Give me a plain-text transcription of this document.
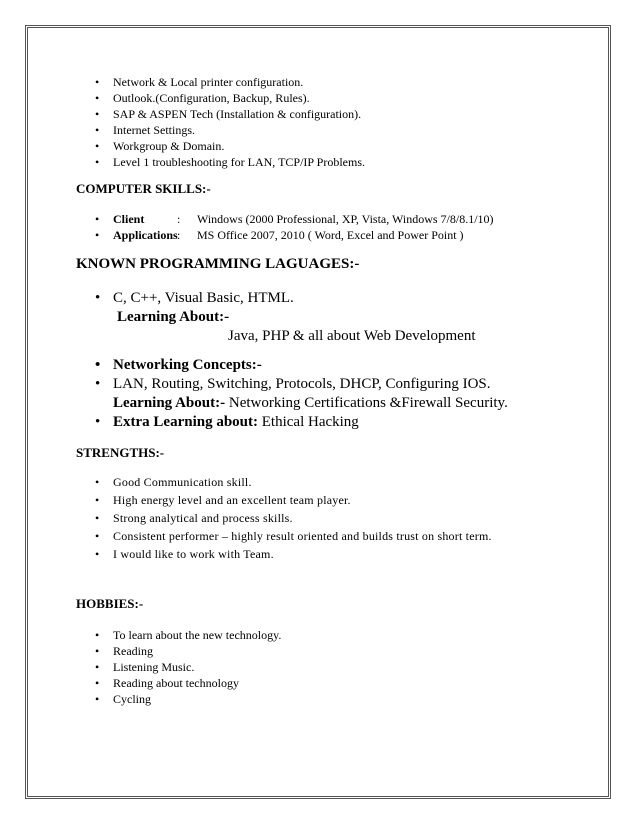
• Network & Local printer configuration.
• Outlook.(Configuration, Backup, Rules).
• SAP & ASPEN Tech (Installation & configuration).
• Internet Settings.
• Workgroup & Domain.
• Level 1 troubleshooting for LAN, TCP/IP Problems.
COMPUTER SKILLS:-
• Client	: Windows (2000 Professional, XP, Vista, Windows 7/8/8.1/10)
• Applications: MS Office 2007, 2010 ( Word, Excel and Power Point )
KNOWN PROGRAMMING LAGUAGES:-
• C, C++, Visual Basic, HTML.
Learning About:-
Java, PHP & all about Web Development
• Networking Concepts:-
• LAN, Routing, Switching, Protocols, DHCP, Configuring IOS.
Learning About:- Networking Certifications &Firewall Security.
• Extra Learning about: Ethical Hacking
STRENGTHS:-
• Good Communication skill.
• High energy level and an excellent team player.
• Strong analytical and process skills.
• Consistent performer – highly result oriented and builds trust on short term.
• I would like to work with Team.
HOBBIES:-
• To learn about the new technology.
• Reading
• Listening Music.
• Reading about technology
• Cycling
